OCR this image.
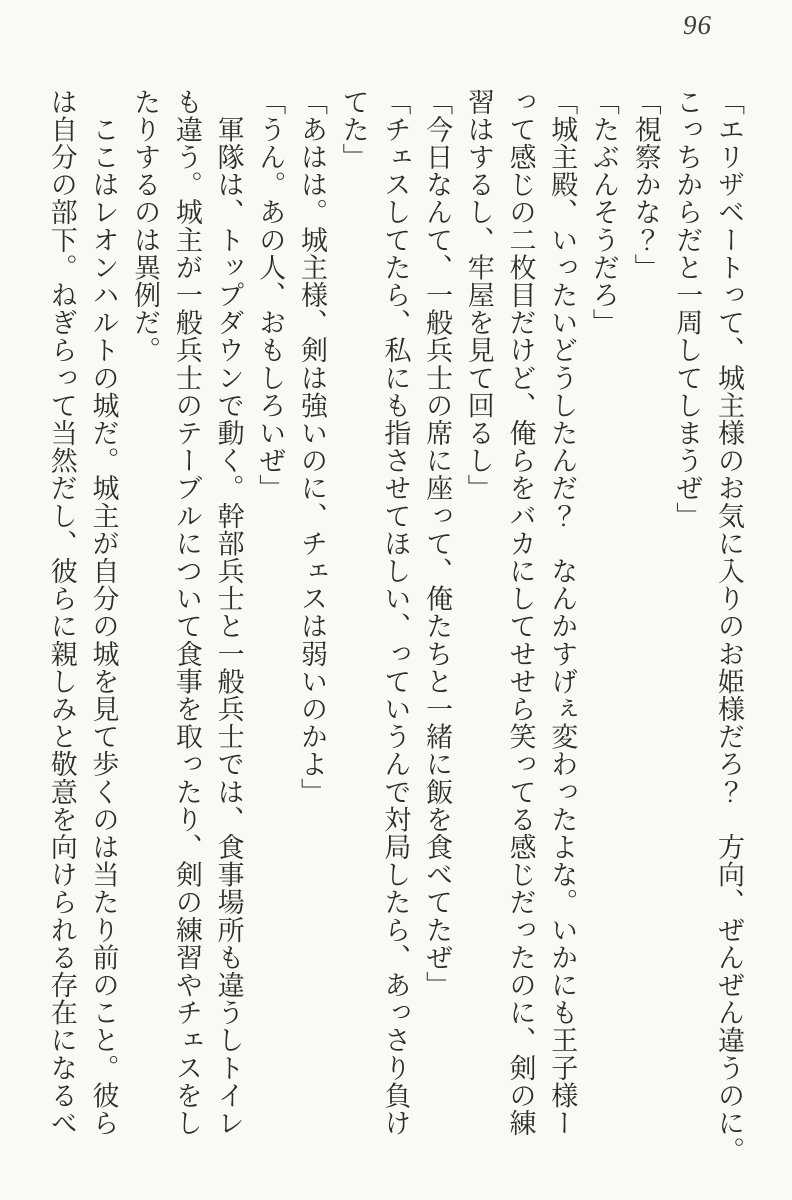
96

「エリザベートって、城主様のお気に入りのお姫様だろ？　方向、ぜんぜん違うのに。

こっちからだと一周してしまうぜ」

「視察かな？」

「たぶんそうだろ」

「城主殿、いったいどうしたんだ？　なんかすげぇ変わったよな。いかにも王子様ー

って感じの二枚目だけど、俺らをバカにしてせせら笑ってる感じだったのに、剣の練

習はするし、牢屋を見て回るし」

「今日なんて、一般兵士の席に座って、俺たちと一緒に飯を食べてたぜ」

「チェスしてたら、私にも指させてほしい、っていうんで対局したら、あっさり負け

てた」

「あはは。城主様、剣は強いのに、チェスは弱いのかよ」

「うん。あの人、おもしろいぜ」

　軍隊は、トップダウンで動く。幹部兵士と一般兵士では、食事場所も違うしトイレ

も違う。城主が一般兵士のテーブルについて食事を取ったり、剣の練習やチェスをし

たりするのは異例だ。

　ここはレオンハルトの城だ。城主が自分の城を見て歩くのは当たり前のこと。彼ら

は自分の部下。ねぎらって当然だし、彼らに親しみと敬意を向けられる存在になるべ
